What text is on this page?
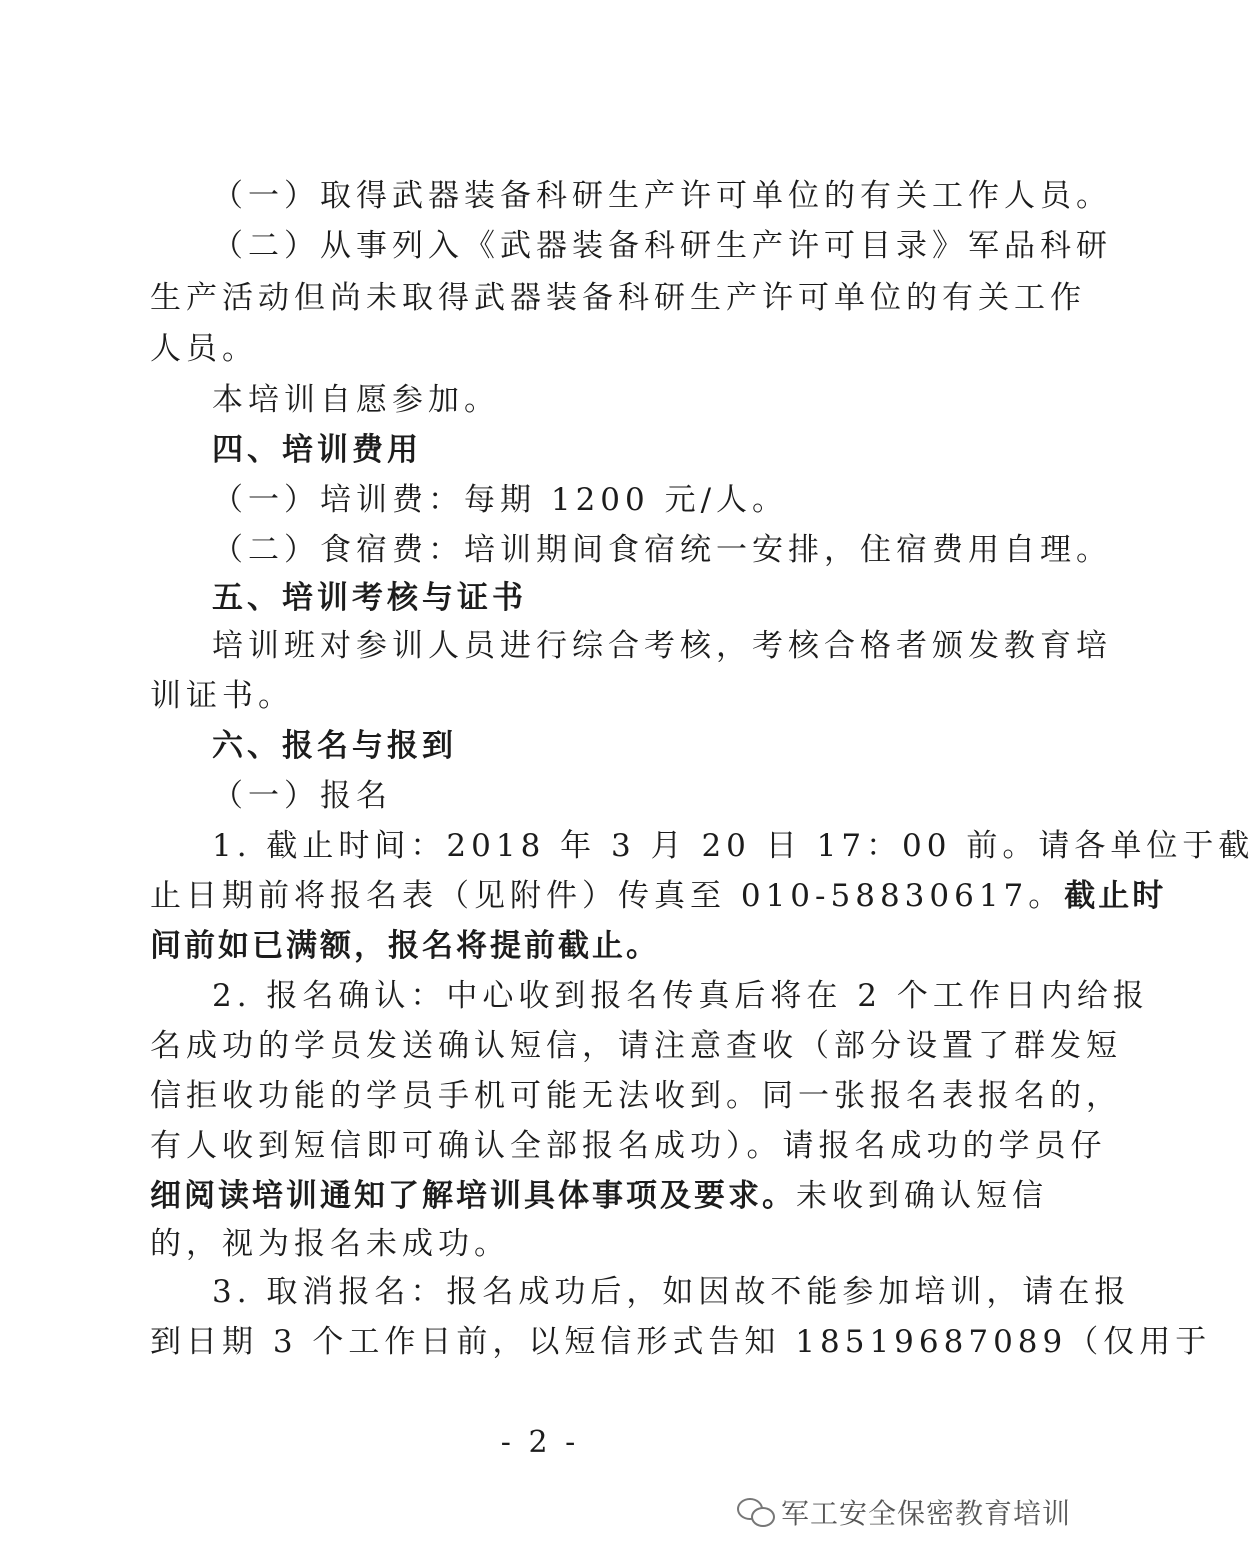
（一）取得武器装备科研生产许可单位的有关工作人员。
（二）从事列入《武器装备科研生产许可目录》军品科研
生产活动但尚未取得武器装备科研生产许可单位的有关工作
人员。
本培训自愿参加。
四、培训费用
（一）培训费：每期 1200 元/人。
（二）食宿费：培训期间食宿统一安排，住宿费用自理。
五、培训考核与证书
培训班对参训人员进行综合考核，考核合格者颁发教育培
训证书。
六、报名与报到
（一）报名
1. 截止时间：2018 年 3 月 20 日 17：00 前。请各单位于截
止日期前将报名表（见附件）传真至 010-58830617。截止时
间前如已满额，报名将提前截止。
2. 报名确认：中心收到报名传真后将在 2 个工作日内给报
名成功的学员发送确认短信，请注意查收（部分设置了群发短
信拒收功能的学员手机可能无法收到。同一张报名表报名的，
有人收到短信即可确认全部报名成功）。请报名成功的学员仔
细阅读培训通知了解培训具体事项及要求。未收到确认短信
的，视为报名未成功。
3. 取消报名：报名成功后，如因故不能参加培训，请在报
到日期 3 个工作日前，以短信形式告知 18519687089（仅用于
- 2 -
军工安全保密教育培训
